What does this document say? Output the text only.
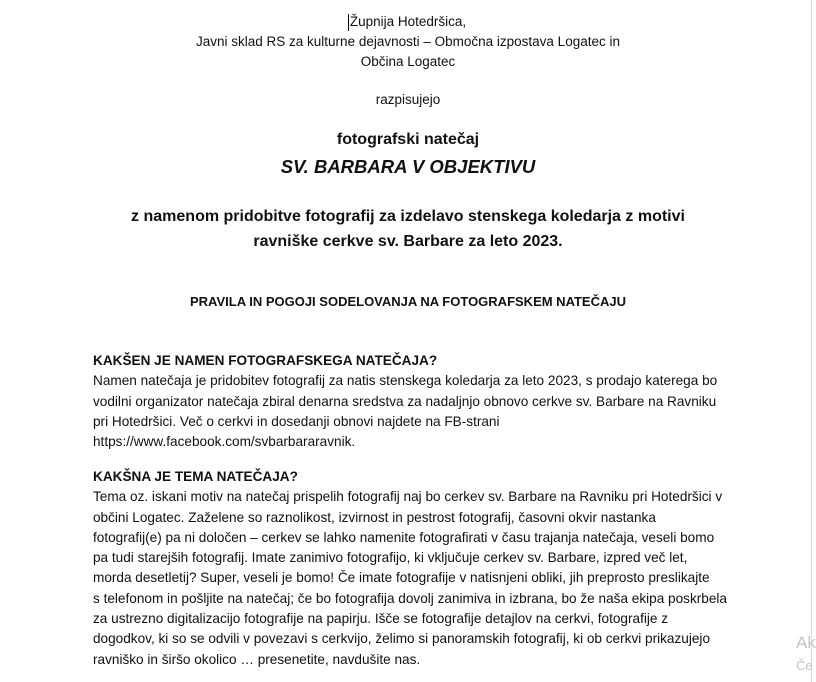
Župnija Hotedršica,
Javni sklad RS za kulturne dejavnosti – Območna izpostava Logatec in
Občina Logatec
razpisujejo
fotografski natečaj
SV. BARBARA V OBJEKTIVU
z namenom pridobitve fotografij za izdelavo stenskega koledarja z motivi
ravniške cerkve sv. Barbare za leto 2023.
PRAVILA IN POGOJI SODELOVANJA NA FOTOGRAFSKEM NATEČAJU
KAKŠEN JE NAMEN FOTOGRAFSKEGA NATEČAJA?
Namen natečaja je pridobitev fotografij za natis stenskega koledarja za leto 2023, s prodajo katerega bo
vodilni organizator natečaja zbiral denarna sredstva za nadaljnjo obnovo cerkve sv. Barbare na Ravniku
pri Hotedršici. Več o cerkvi in dosedanji obnovi najdete na FB-strani
https://www.facebook.com/svbarbararavnik.
KAKŠNA JE TEMA NATEČAJA?
Tema oz. iskani motiv na natečaj prispelih fotografij naj bo cerkev sv. Barbare na Ravniku pri Hotedršici v
občini Logatec. Zaželene so raznolikost, izvirnost in pestrost fotografij, časovni okvir nastanka
fotografij(e) pa ni določen – cerkev se lahko namenite fotografirati v času trajanja natečaja, veseli bomo
pa tudi starejših fotografij. Imate zanimivo fotografijo, ki vključuje cerkev sv. Barbare, izpred več let,
morda desetletij? Super, veseli je bomo! Če imate fotografije v natisnjeni obliki, jih preprosto preslikajte
s telefonom in pošljite na natečaj; če bo fotografija dovolj zanimiva in izbrana, bo že naša ekipa poskrbela
za ustrezno digitalizacijo fotografije na papirju. Išče se fotografije detajlov na cerkvi, fotografije z
dogodkov, ki so se odvili v povezavi s cerkvijo, želimo si panoramskih fotografij, ki ob cerkvi prikazujejo
ravniško in širšo okolico … presenetite, navdušite nas.
Ak
Če
